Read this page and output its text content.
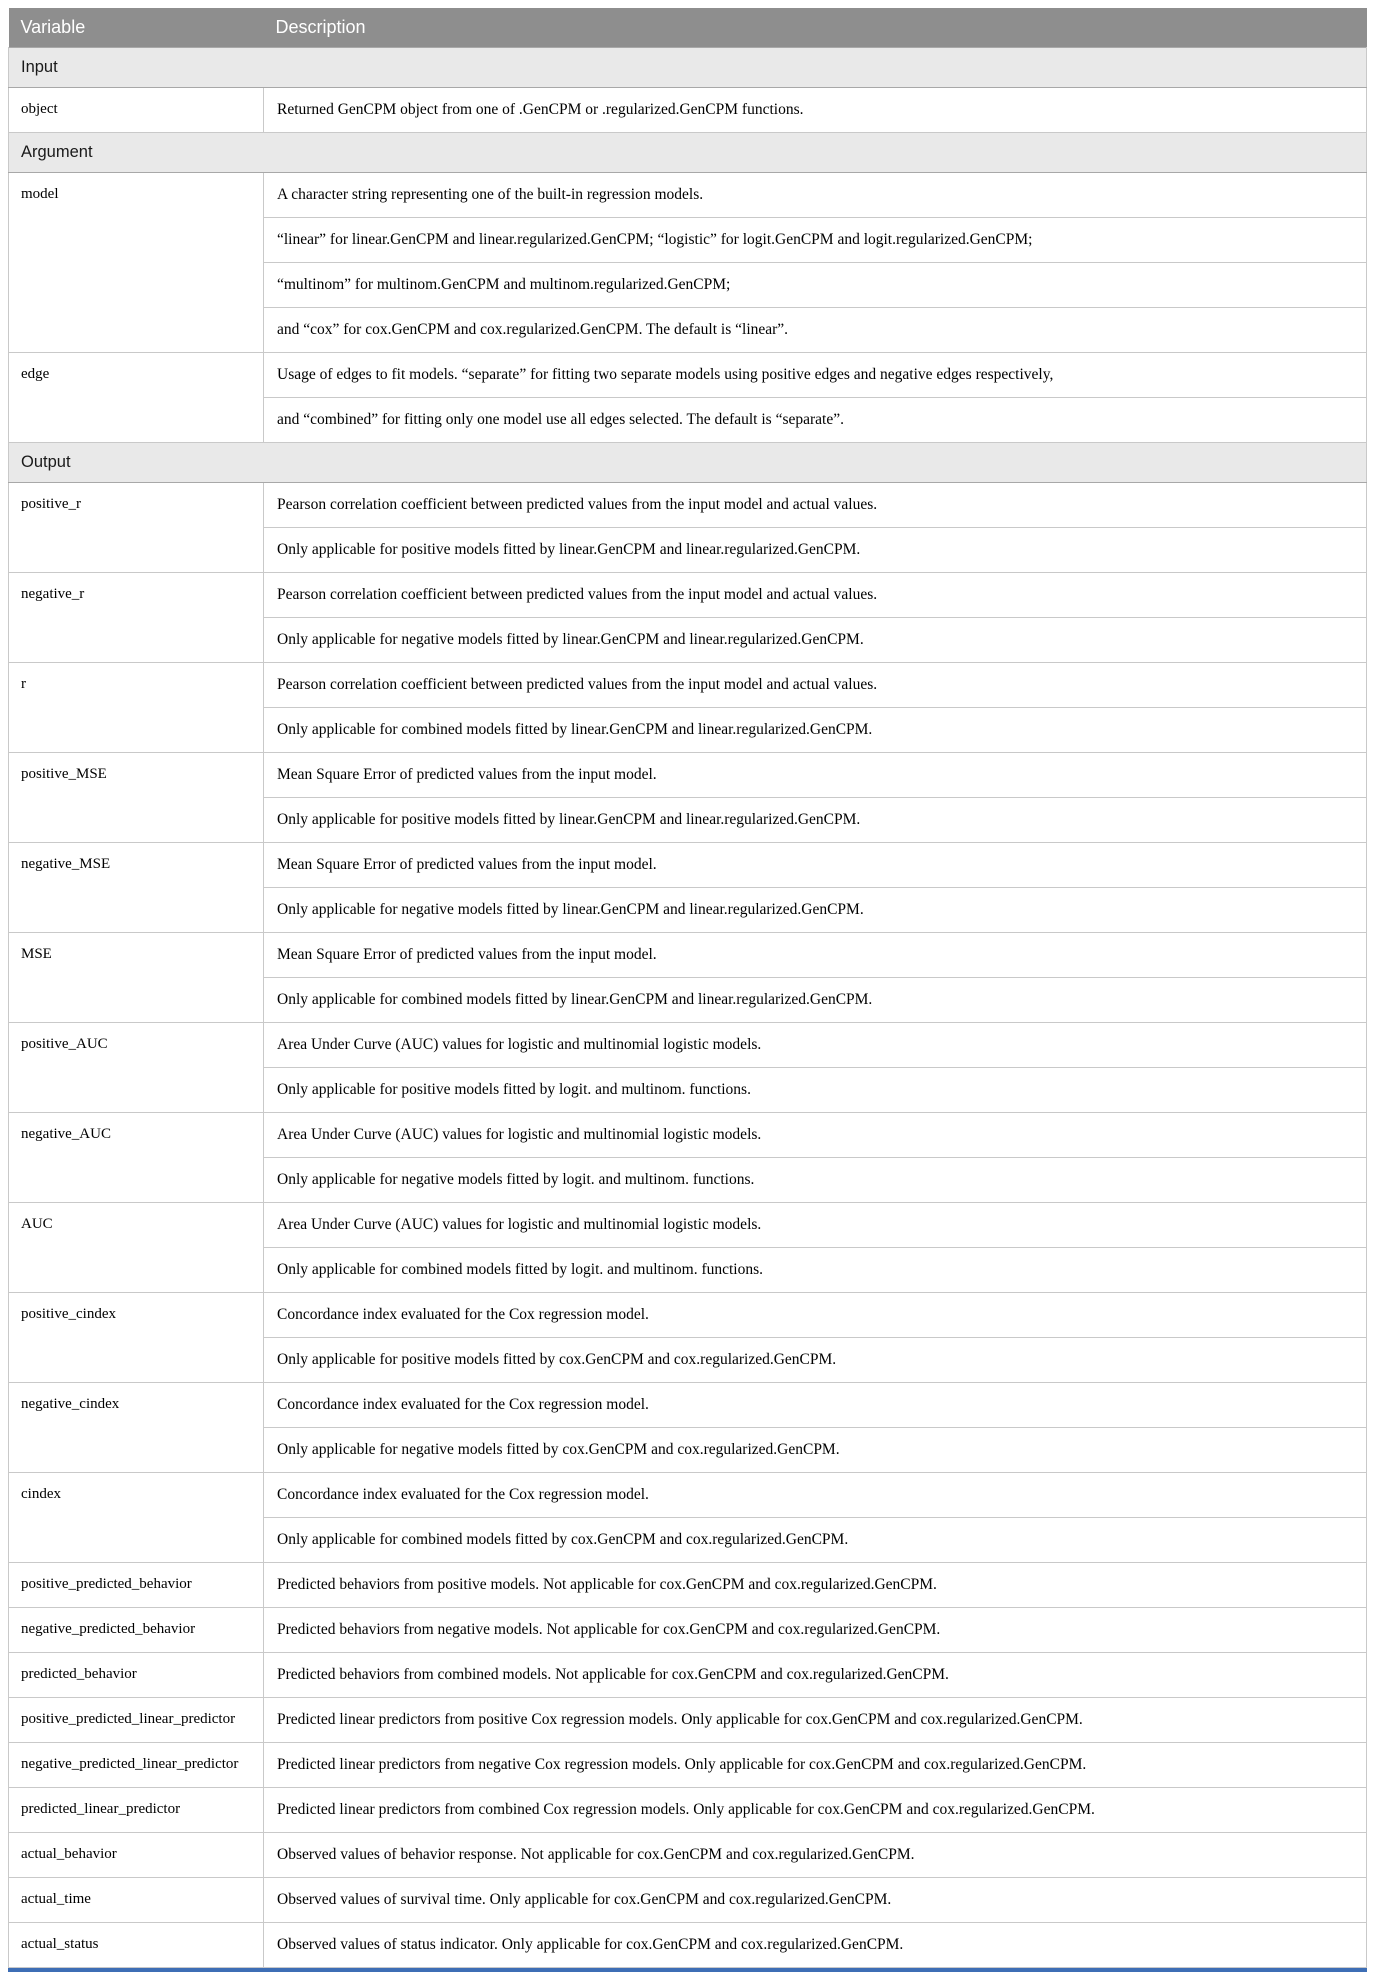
Variable	Description
Input	
object	Returned GenCPM object from one of .GenCPM or .regularized.GenCPM functions.
Argument	
model	A character string representing one of the built-in regression models.
	“linear” for linear.GenCPM and linear.regularized.GenCPM; “logistic” for logit.GenCPM and logit.regularized.GenCPM;
	“multinom” for multinom.GenCPM and multinom.regularized.GenCPM;
	and “cox” for cox.GenCPM and cox.regularized.GenCPM. The default is “linear”.
edge	Usage of edges to fit models. “separate” for fitting two separate models using positive edges and negative edges respectively,
	and “combined” for fitting only one model use all edges selected. The default is “separate”.
Output	
positive_r	Pearson correlation coefficient between predicted values from the input model and actual values.
	Only applicable for positive models fitted by linear.GenCPM and linear.regularized.GenCPM.
negative_r	Pearson correlation coefficient between predicted values from the input model and actual values.
	Only applicable for negative models fitted by linear.GenCPM and linear.regularized.GenCPM.
r	Pearson correlation coefficient between predicted values from the input model and actual values.
	Only applicable for combined models fitted by linear.GenCPM and linear.regularized.GenCPM.
positive_MSE	Mean Square Error of predicted values from the input model.
	Only applicable for positive models fitted by linear.GenCPM and linear.regularized.GenCPM.
negative_MSE	Mean Square Error of predicted values from the input model.
	Only applicable for negative models fitted by linear.GenCPM and linear.regularized.GenCPM.
MSE	Mean Square Error of predicted values from the input model.
	Only applicable for combined models fitted by linear.GenCPM and linear.regularized.GenCPM.
positive_AUC	Area Under Curve (AUC) values for logistic and multinomial logistic models.
	Only applicable for positive models fitted by logit. and multinom. functions.
negative_AUC	Area Under Curve (AUC) values for logistic and multinomial logistic models.
	Only applicable for negative models fitted by logit. and multinom. functions.
AUC	Area Under Curve (AUC) values for logistic and multinomial logistic models.
	Only applicable for combined models fitted by logit. and multinom. functions.
positive_cindex	Concordance index evaluated for the Cox regression model.
	Only applicable for positive models fitted by cox.GenCPM and cox.regularized.GenCPM.
negative_cindex	Concordance index evaluated for the Cox regression model.
	Only applicable for negative models fitted by cox.GenCPM and cox.regularized.GenCPM.
cindex	Concordance index evaluated for the Cox regression model.
	Only applicable for combined models fitted by cox.GenCPM and cox.regularized.GenCPM.
positive_predicted_behavior	Predicted behaviors from positive models. Not applicable for cox.GenCPM and cox.regularized.GenCPM.
negative_predicted_behavior	Predicted behaviors from negative models. Not applicable for cox.GenCPM and cox.regularized.GenCPM.
predicted_behavior	Predicted behaviors from combined models. Not applicable for cox.GenCPM and cox.regularized.GenCPM.
positive_predicted_linear_predictor	Predicted linear predictors from positive Cox regression models. Only applicable for cox.GenCPM and cox.regularized.GenCPM.
negative_predicted_linear_predictor	Predicted linear predictors from negative Cox regression models. Only applicable for cox.GenCPM and cox.regularized.GenCPM.
predicted_linear_predictor	Predicted linear predictors from combined Cox regression models. Only applicable for cox.GenCPM and cox.regularized.GenCPM.
actual_behavior	Observed values of behavior response. Not applicable for cox.GenCPM and cox.regularized.GenCPM.
actual_time	Observed values of survival time. Only applicable for cox.GenCPM and cox.regularized.GenCPM.
actual_status	Observed values of status indicator. Only applicable for cox.GenCPM and cox.regularized.GenCPM.
